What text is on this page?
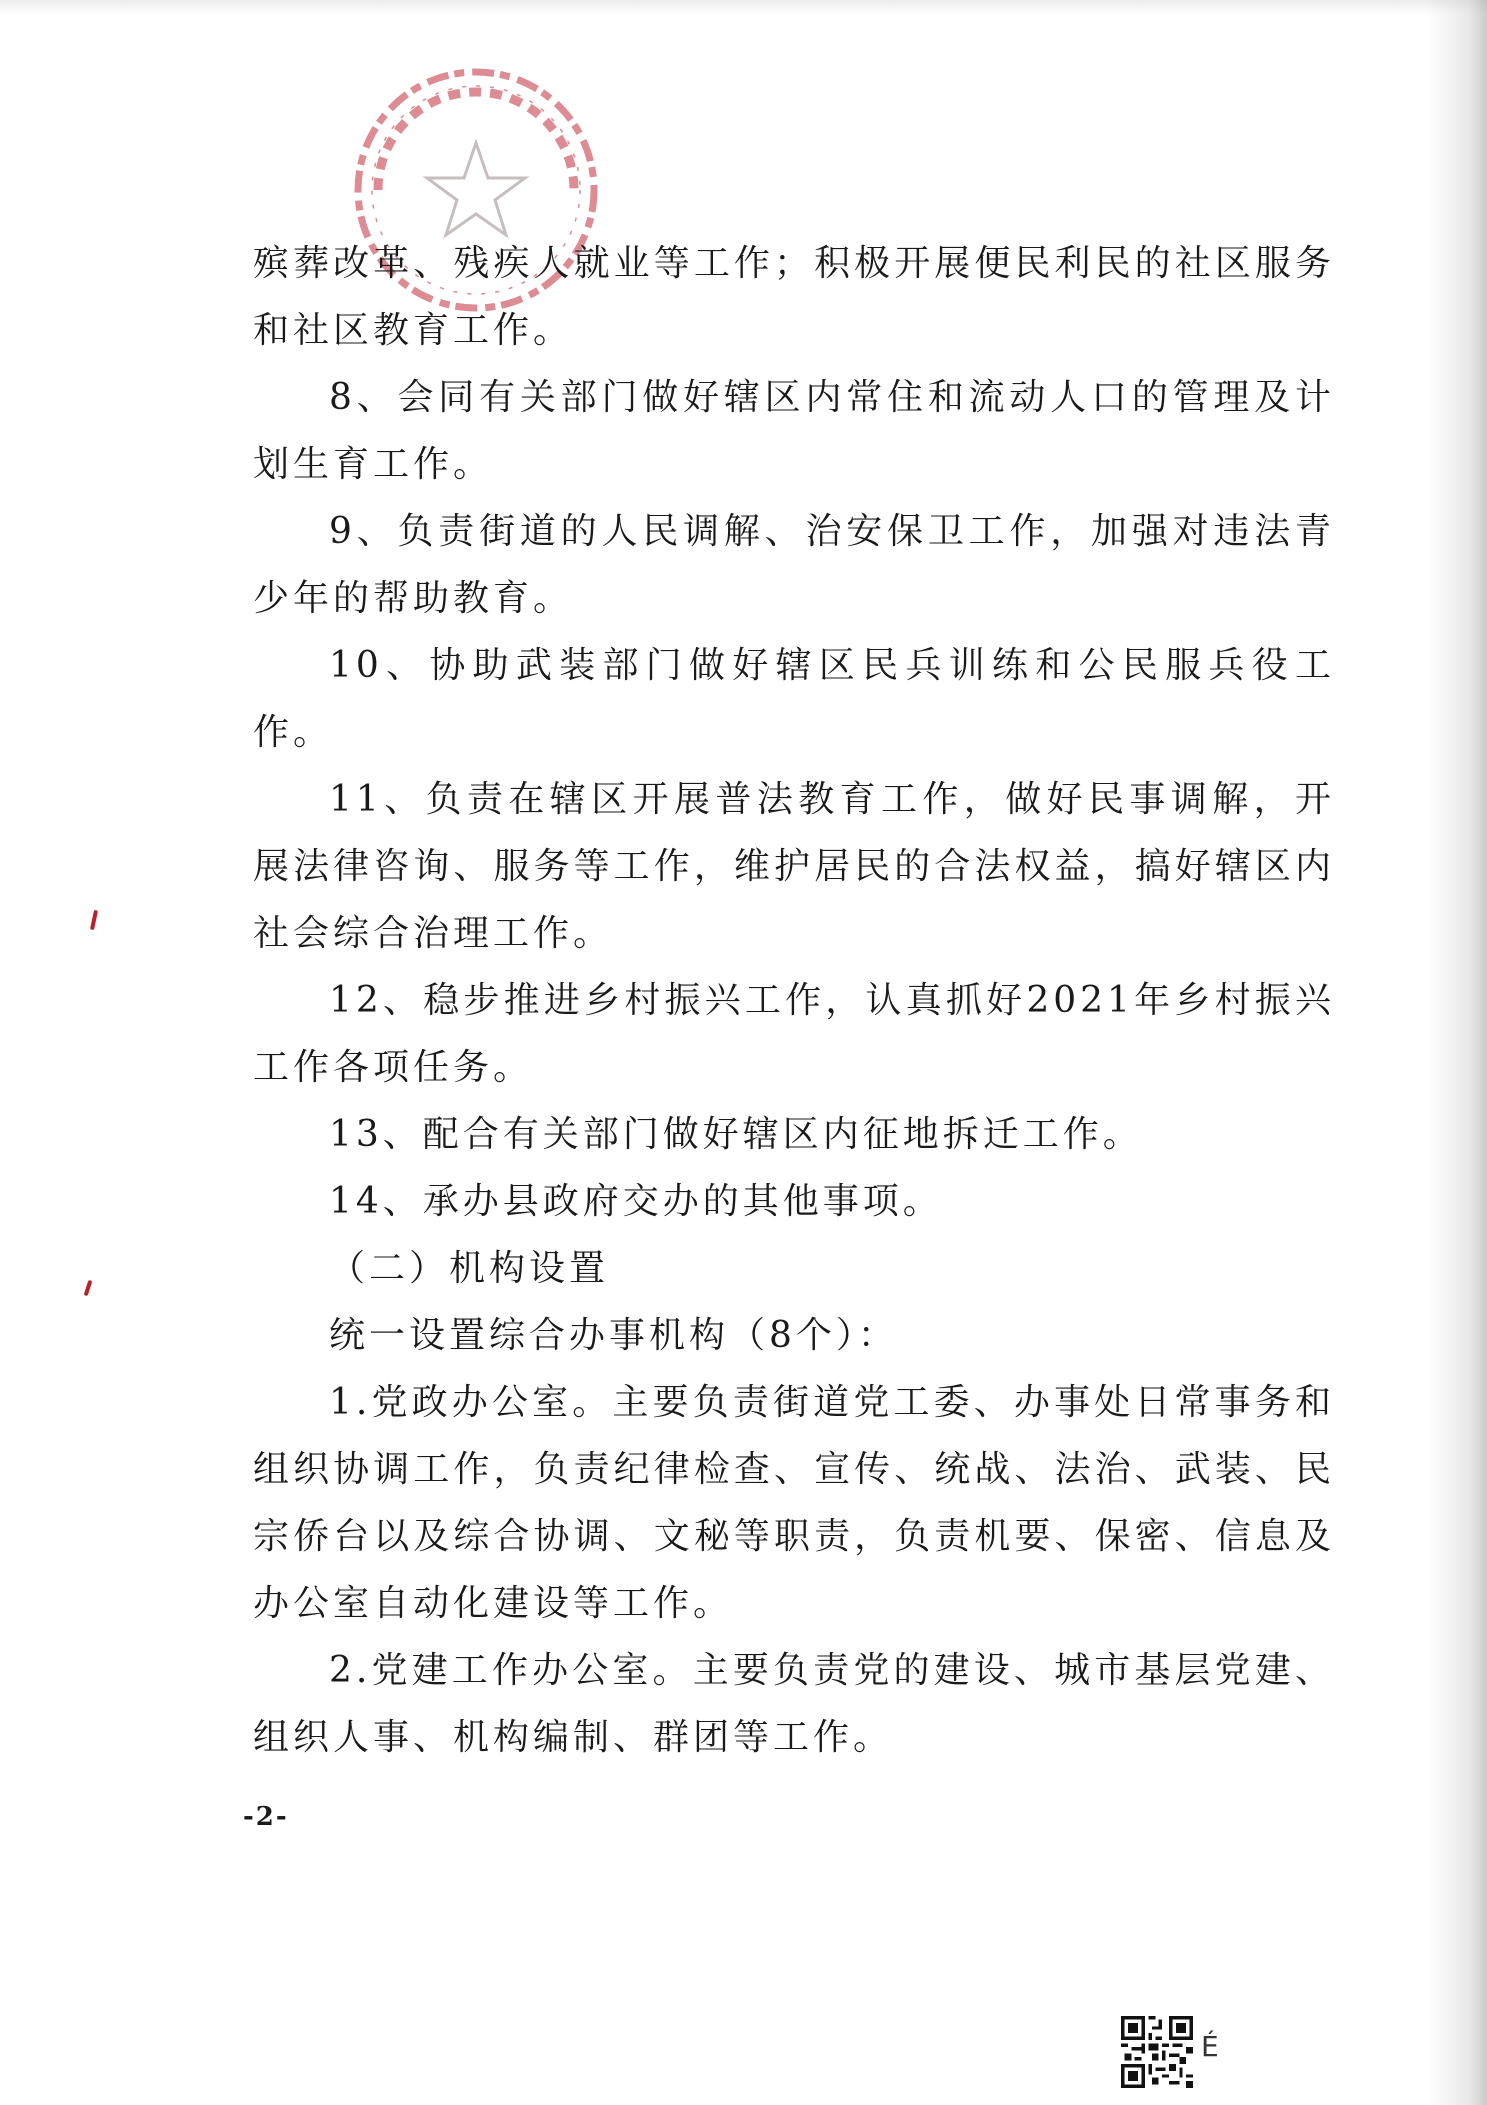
殡葬改革、残疾人就业等工作；积极开展便民利民的社区服务和社区教育工作。

8、会同有关部门做好辖区内常住和流动人口的管理及计划生育工作。

9、负责街道的人民调解、治安保卫工作，加强对违法青少年的帮助教育。

10、协助武装部门做好辖区民兵训练和公民服兵役工作。

11、负责在辖区开展普法教育工作，做好民事调解，开展法律咨询、服务等工作，维护居民的合法权益，搞好辖区内社会综合治理工作。

12、稳步推进乡村振兴工作，认真抓好2021年乡村振兴工作各项任务。

13、配合有关部门做好辖区内征地拆迁工作。

14、承办县政府交办的其他事项。

（二）机构设置

统一设置综合办事机构（8个）：

1.党政办公室。主要负责街道党工委、办事处日常事务和组织协调工作，负责纪律检查、宣传、统战、法治、武装、民宗侨台以及综合协调、文秘等职责，负责机要、保密、信息及办公室自动化建设等工作。

2.党建工作办公室。主要负责党的建设、城市基层党建、组织人事、机构编制、群团等工作。

-2-
É
